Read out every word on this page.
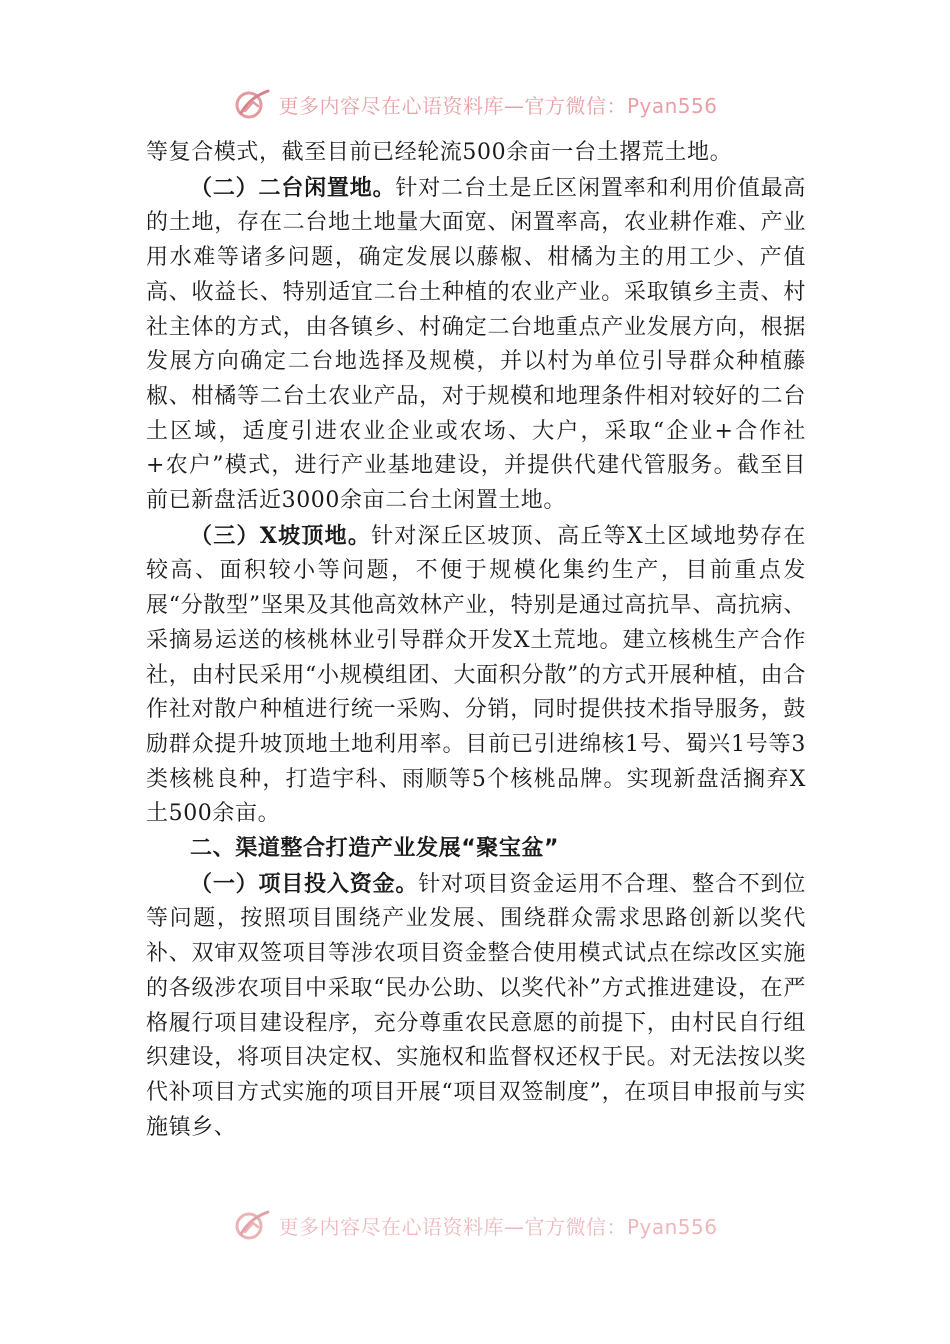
更多内容尽在心语资料库—官方微信：Pyan556

等复合模式，截至目前已经轮流500余亩一台土撂荒土地。

（二）二台闲置地。针对二台土是丘区闲置率和利用价值最高的土地，存在二台地土地量大面宽、闲置率高，农业耕作难、产业用水难等诸多问题，确定发展以藤椒、柑橘为主的用工少、产值高、收益长、特别适宜二台土种植的农业产业。采取镇乡主责、村社主体的方式，由各镇乡、村确定二台地重点产业发展方向，根据发展方向确定二台地选择及规模，并以村为单位引导群众种植藤椒、柑橘等二台土农业产品，对于规模和地理条件相对较好的二台土区域，适度引进农业企业或农场、大户，采取“企业+合作社+农户”模式，进行产业基地建设，并提供代建代管服务。截至目前已新盘活近3000余亩二台土闲置土地。

（三）X坡顶地。针对深丘区坡顶、高丘等X土区域地势存在较高、面积较小等问题，不便于规模化集约生产，目前重点发展“分散型”坚果及其他高效林产业，特别是通过高抗旱、高抗病、采摘易运送的核桃林业引导群众开发X土荒地。建立核桃生产合作社，由村民采用“小规模组团、大面积分散”的方式开展种植，由合作社对散户种植进行统一采购、分销，同时提供技术指导服务，鼓励群众提升坡顶地土地利用率。目前已引进绵核1号、蜀兴1号等3类核桃良种，打造宇科、雨顺等5个核桃品牌。实现新盘活搁弃X土500余亩。

二、渠道整合打造产业发展“聚宝盆”

（一）项目投入资金。针对项目资金运用不合理、整合不到位等问题，按照项目围绕产业发展、围绕群众需求思路创新以奖代补、双审双签项目等涉农项目资金整合使用模式试点在综改区实施的各级涉农项目中采取“民办公助、以奖代补”方式推进建设，在严格履行项目建设程序，充分尊重农民意愿的前提下，由村民自行组织建设，将项目决定权、实施权和监督权还权于民。对无法按以奖代补项目方式实施的项目开展“项目双签制度”，在项目申报前与实施镇乡、

更多内容尽在心语资料库—官方微信：Pyan556
